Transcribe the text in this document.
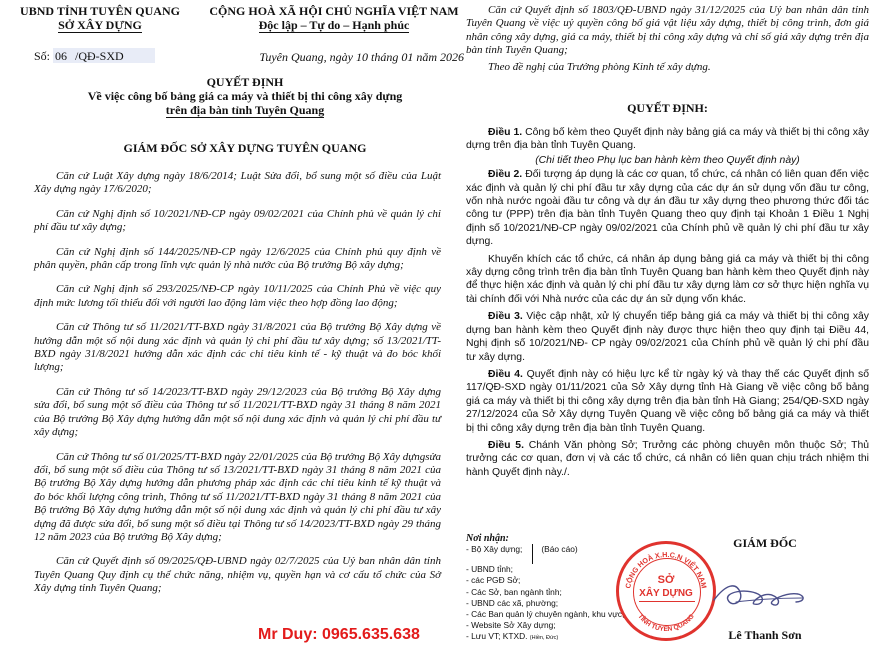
UBND TỈNH TUYÊN QUANG
SỞ XÂY DỰNG
CỘNG HOÀ XÃ HỘI CHỦ NGHĨA VIỆT NAM
Độc lập – Tự do – Hạnh phúc
Số: 06 /QĐ-SXD	Tuyên Quang, ngày 10 tháng 01 năm 2026
QUYẾT ĐỊNH
Về việc công bố bảng giá ca máy và thiết bị thi công xây dựng
trên địa bàn tỉnh Tuyên Quang
GIÁM ĐỐC SỞ XÂY DỰNG TUYÊN QUANG

Căn cứ Luật Xây dựng ngày 18/6/2014; Luật Sửa đổi, bổ sung một số điều của Luật Xây dựng ngày 17/6/2020;

Căn cứ Nghị định số 10/2021/NĐ-CP ngày 09/02/2021 của Chính phủ về quản lý chi phí đầu tư xây dựng;

Căn cứ Nghị định số 144/2025/NĐ-CP ngày 12/6/2025 của Chính phủ quy định về phân quyền, phân cấp trong lĩnh vực quản lý nhà nước của Bộ trưởng Bộ xây dựng;

Căn cứ Nghị định số 293/2025/NĐ-CP ngày 10/11/2025 của Chính Phủ về việc quy định mức lương tối thiểu đối với người lao động làm việc theo hợp đồng lao động;

Căn cứ Thông tư số 11/2021/TT-BXD ngày 31/8/2021 của Bộ trưởng Bộ Xây dựng về hướng dẫn một số nội dung xác định và quản lý chi phí đầu tư xây dựng; số 13/2021/TT-BXD ngày 31/8/2021 hướng dẫn xác định các chỉ tiêu kinh tế - kỹ thuật và đo bóc khối lượng;

Căn cứ Thông tư số 14/2023/TT-BXD ngày 29/12/2023 của Bộ trưởng Bộ Xây dựng sửa đổi, bổ sung một số điều của Thông tư số 11/2021/TT-BXD ngày 31 tháng 8 năm 2021 của Bộ trưởng Bộ Xây dựng hướng dẫn một số nội dung xác định và quản lý chi phí đầu tư xây dựng;

Căn cứ Thông tư số 01/2025/TT-BXD ngày 22/01/2025 của Bộ trưởng Bộ Xây dựngsửa đổi, bổ sung một số điều của Thông tư số 13/2021/TT-BXD ngày 31 tháng 8 năm 2021 của Bộ trưởng Bộ Xây dựng hướng dẫn phương pháp xác định các chỉ tiêu kinh tế kỹ thuật và đo bóc khối lượng công trình, Thông tư số 11/2021/TT-BXD ngày 31 tháng 8 năm 2021 của Bộ trưởng Bộ Xây dựng hướng dẫn một số nội dung xác định và quản lý chi phí đầu tư xây dựng đã được sửa đổi, bổ sung một số điều tại Thông tư số 14/2023/TT-BXD ngày 29 tháng 12 năm 2023 của Bộ trưởng Bộ Xây dựng;

Căn cứ Quyết định số 09/2025/QĐ-UBND ngày 02/7/2025 của Uỷ ban nhân dân tỉnh Tuyên Quang Quy định cụ thể chức năng, nhiệm vụ, quyền hạn và cơ cấu tổ chức của Sở Xây dựng tỉnh Tuyên Quang;

Mr Duy: 0965.635.638

Căn cứ Quyết định số 1803/QĐ-UBND ngày 31/12/2025 của Uỷ ban nhân dân tỉnh Tuyên Quang về việc uỷ quyền công bố giá vật liệu xây dựng, thiết bị công trình, đơn giá nhân công xây dựng, giá ca máy, thiết bị thi công xây dựng và chỉ số giá xây dựng trên địa bàn tỉnh Tuyên Quang;

Theo đề nghị của Trưởng phòng Kinh tế xây dựng.

QUYẾT ĐỊNH:

Điều 1. Công bố kèm theo Quyết định này bảng giá ca máy và thiết bị thi công xây dựng trên địa bàn tỉnh Tuyên Quang.

(Chi tiết theo Phụ lục ban hành kèm theo Quyết định này)

Điều 2. Đối tượng áp dụng là các cơ quan, tổ chức, cá nhân có liên quan đến việc xác định và quản lý chi phí đầu tư xây dựng của các dự án sử dụng vốn đầu tư công, vốn nhà nước ngoài đầu tư công và dự án đầu tư xây dựng theo phương thức đối tác công tư (PPP) trên địa bàn tỉnh Tuyên Quang theo quy định tại Khoản 1 Điều 1 Nghị định số 10/2021/NĐ-CP ngày 09/02/2021 của Chính phủ về quản lý chi phí đầu tư xây dựng.

Khuyến khích các tổ chức, cá nhân áp dụng bảng giá ca máy và thiết bị thi công xây dựng công trình trên địa bàn tỉnh Tuyên Quang ban hành kèm theo Quyết định này để thực hiện xác định và quản lý chi phí đầu tư xây dựng làm cơ sở thực hiện nghĩa vụ tài chính đối với Nhà nước của các dự án sử dụng vốn khác.

Điều 3. Việc cập nhật, xử lý chuyển tiếp bảng giá ca máy và thiết bị thi công xây dựng ban hành kèm theo Quyết định này được thực hiện theo quy định tại Điều 44, Nghị định số 10/2021/NĐ- CP ngày 09/02/2021 của Chính phủ về quản lý chi phí đầu tư xây dựng.

Điều 4. Quyết định này có hiệu lực kể từ ngày ký và thay thế các Quyết định số 117/QĐ-SXD ngày 01/11/2021 của Sở Xây dựng tỉnh Hà Giang về việc công bố bảng giá ca máy và thiết bị thi công xây dựng trên địa bàn tỉnh Hà Giang; 254/QĐ-SXD ngày 27/12/2024 của Sở Xây dựng Tuyên Quang về việc công bố bảng giá ca máy và thiết bị thi công xây dựng trên địa bàn tỉnh Tuyên Quang.

Điều 5. Chánh Văn phòng Sở; Trưởng các phòng chuyên môn thuộc Sở; Thủ trưởng các cơ quan, đơn vị và các tổ chức, cá nhân có liên quan chịu trách nhiệm thi hành Quyết định này./.

Nơi nhận:
- Bộ Xây dựng; (Báo cáo)
- UBND tỉnh;
- các PGĐ Sở;
- Các Sở, ban ngành tỉnh;
- UBND các xã, phường;
- Các Ban quản lý chuyên ngành, khu vực;
- Website Sở Xây dựng;
- Lưu VT; KTXD. (Hiền, Đức)
GIÁM ĐỐC
CỘNG HOÀ X.H.C.N VIỆT NAM
TỈNH TUYÊN QUANG
SỞ
XÂY DỰNG
Lê Thanh Sơn
